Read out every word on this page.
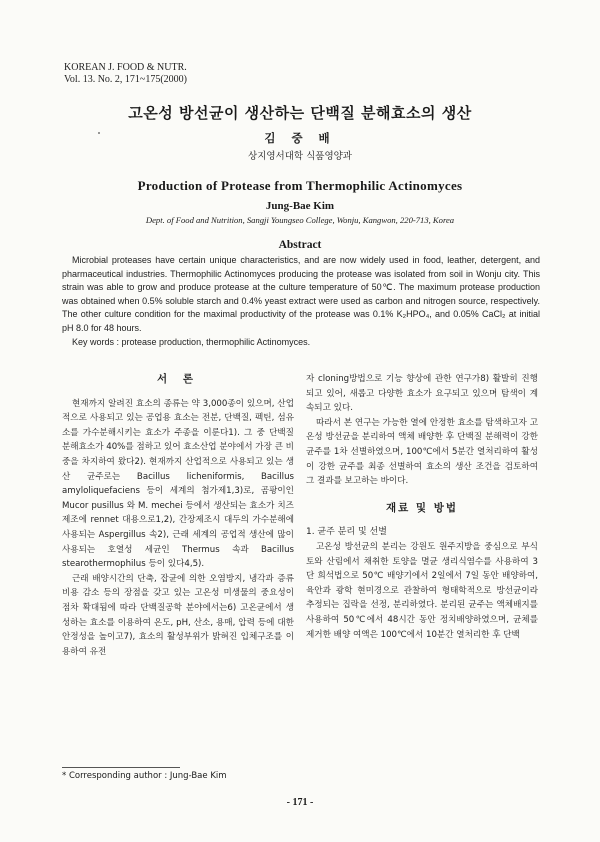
KOREAN J. FOOD & NUTR.
Vol. 13. No. 2, 171~175(2000)
고온성 방선균이 생산하는 단백질 분해효소의 생산
김 중 배
상지영서대학 식품영양과
Production of Protease from Thermophilic Actinomyces
Jung-Bae Kim
Dept. of Food and Nutrition, Sangji Youngseo College, Wonju, Kangwon, 220-713, Korea
Abstract

Microbial proteases have certain unique characteristics, and are now widely used in food, leather, detergent, and pharmaceutical industries. Thermophilic Actinomyces producing the protease was isolated from soil in Wonju city. This strain was able to grow and produce protease at the culture temperature of 50℃. The maximum protease production was obtained when 0.5% soluble starch and 0.4% yeast extract were used as carbon and nitrogen source, respectively. The other culture condition for the maximal productivity of the protease was 0.1% K₂HPO₄, and 0.05% CaCl₂ at initial pH 8.0 for 48 hours.

Key words : protease production, thermophilic Actinomyces.

서 론

현재까지 알려진 효소의 종류는 약 3,000종이 있으며, 산업적으로 사용되고 있는 공업용 효소는 전분, 단백질, 펙틴, 섬유소를 가수분해시키는 효소가 주종을 이룬다1). 그 중 단백질 분해효소가 40%를 점하고 있어 효소산업 분야에서 가장 큰 비중을 차지하여 왔다2). 현재까지 산업적으로 사용되고 있는 생산 균주로는 Bacillus licheniformis, Bacillus amyloliquefaciens 등이 세계의 첨가제1,3)로, 곰팡이인 Mucor pusillus 와 M. mechei 등에서 생산되는 효소가 치즈제조에 rennet 대용으로1,2), 간장제조시 대두의 가수분해에 사용되는 Aspergillus 속2), 근래 세계의 공업적 생산에 많이 사용되는 호열성 세균인 Thermus 속과 Bacillus stearothermophilus 등이 있다4,5).

근래 배양시간의 단축, 잡균에 의한 오염방지, 냉각과 증류 비용 감소 등의 장점을 갖고 있는 고온성 미생물의 중요성이 점차 확대됨에 따라 단백질공학 분야에서는6) 고온균에서 생성하는 효소를 이용하여 온도, pH, 산소, 용매, 압력 등에 대한 안정성을 높이고7), 효소의 활성부위가 밝혀진 입체구조를 이용하여 유전

자 cloning방법으로 기능 향상에 관한 연구가8) 활발히 진행되고 있어, 새롭고 다양한 효소가 요구되고 있으며 탐색이 계속되고 있다.

따라서 본 연구는 가능한 열에 안정한 효소를 탐색하고자 고온성 방선균을 분리하여 액체 배양한 후 단백질 분해력이 강한 균주를 1차 선별하였으며, 100℃에서 5분간 열처리하여 활성이 강한 균주를 최종 선별하여 효소의 생산 조건을 검토하여 그 결과를 보고하는 바이다.

재료 및 방법

1. 균주 분리 및 선별

고온성 방선균의 분리는 강원도 원주지방을 중심으로 부식토와 산림에서 채취한 토양을 멸균 생리식염수를 사용하여 3단 희석법으로 50℃ 배양기에서 2일에서 7일 동안 배양하여, 육안과 광학 현미경으로 관찰하여 형태학적으로 방선균이라 추정되는 집락을 선정, 분리하였다. 분리된 균주는 액체배지를 사용하여 50℃에서 48시간 동안 정치배양하였으며, 균체를 제거한 배양 여액은 100℃에서 10분간 열처리한 후 단백

* Corresponding author : Jung-Bae Kim
- 171 -
